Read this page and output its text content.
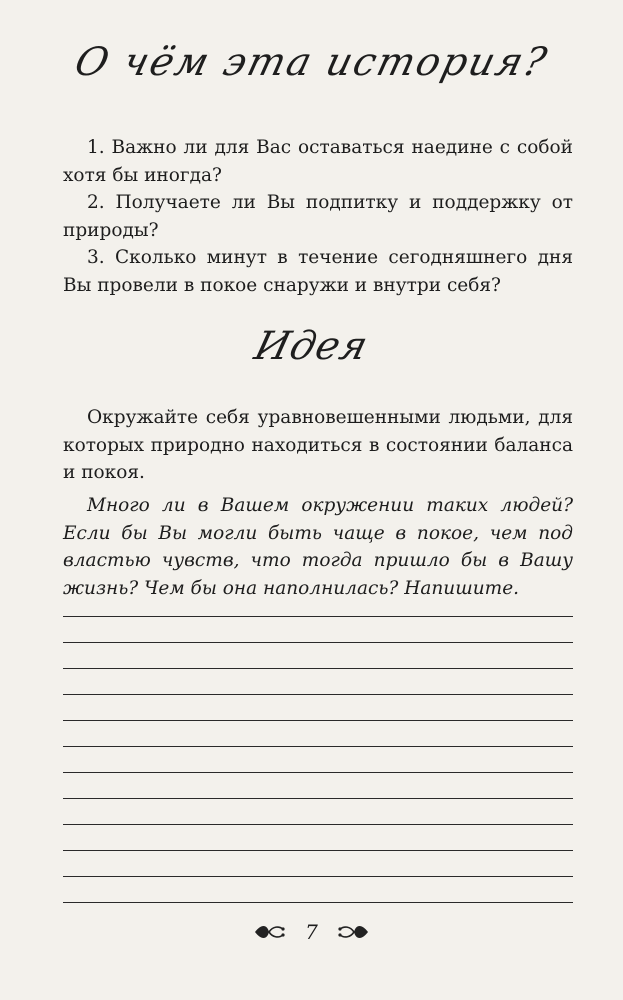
О чём эта история?

1. Важно ли для Вас оставаться наедине с собой хотя бы иногда?

2. Получаете ли Вы подпитку и поддержку от природы?

3. Сколько минут в течение сегодняшнего дня Вы провели в покое снаружи и внутри себя?

Идея

Окружайте себя уравновешенными людьми, для которых природно находиться в состоянии баланса и покоя.

Много ли в Вашем окружении таких людей? Если бы Вы могли быть чаще в покое, чем под властью чувств, что тогда пришло бы в Вашу жизнь? Чем бы она наполнилась? Напишите.

7
